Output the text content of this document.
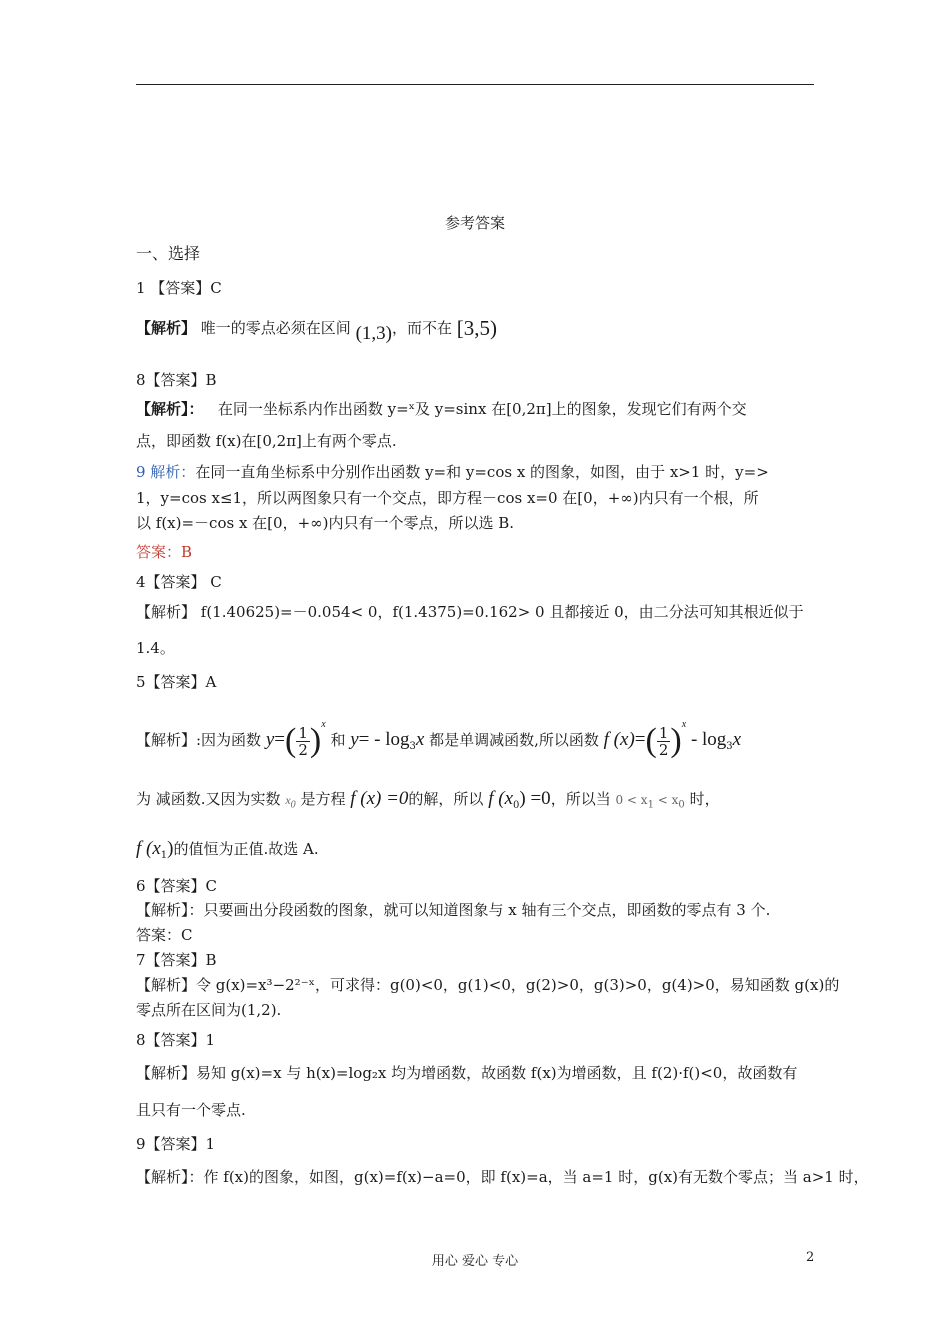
参考答案
一、选择
1 【答案】C
【解析】 唯一的零点必须在区间 (1,3)，而不在 [3,5)
8【答案】B
【解析】： 在同一坐标系内作出函数 y=ˣ及 y=sinx 在[0,2π]上的图象，发现它们有两个交
点，即函数 f(x)在[0,2π]上有两个零点.
9 解析：在同一直角坐标系中分别作出函数 y=和 y=cos x 的图象，如图，由于 x>1 时，y=>
1，y=cos x≤1，所以两图象只有一个交点，即方程－cos x=0 在[0，+∞)内只有一个根，所
以 f(x)=－cos x 在[0，+∞)内只有一个零点，所以选 B.
答案：B
4【答案】 C
【解析】 f(1.40625)=－0.054< 0，f(1.4375)=0.162> 0 且都接近 0，由二分法可知其根近似于
1.4。
5【答案】A
【解析】:因为函数 $y=( \frac{1}{2} )^x$ 和 $y= - \log_3x$ 都是单调减函数,所以函数 f $(x)=( \frac{1}{2} )^x - \log_3x$
为 减函数.又因为实数 $x_0$ 是方程 f (x) =0的解，所以 f $(x_0) =0$，所以当 $0 < x_1 < x_0$ 时，
f $(x_1)$的值恒为正值.故选 A.
6【答案】C
【解析】：只要画出分段函数的图象，就可以知道图象与 x 轴有三个交点，即函数的零点有 3 个.
答案：C
7【答案】B
【解析】令 g(x)=x³−2²⁻ˣ，可求得：g(0)<0，g(1)<0，g(2)>0，g(3)>0，g(4)>0，易知函数 g(x)的
零点所在区间为(1,2).
8【答案】1
【解析】易知 g(x)=x 与 h(x)=log₂x 均为增函数，故函数 f(x)为增函数，且 f(2)·f()<0，故函数有
且只有一个零点.
9【答案】1
【解析】：作 f(x)的图象，如图，g(x)=f(x)−a=0，即 f(x)=a，当 a=1 时，g(x)有无数个零点；当 a>1 时，
用心 爱心 专心	2
